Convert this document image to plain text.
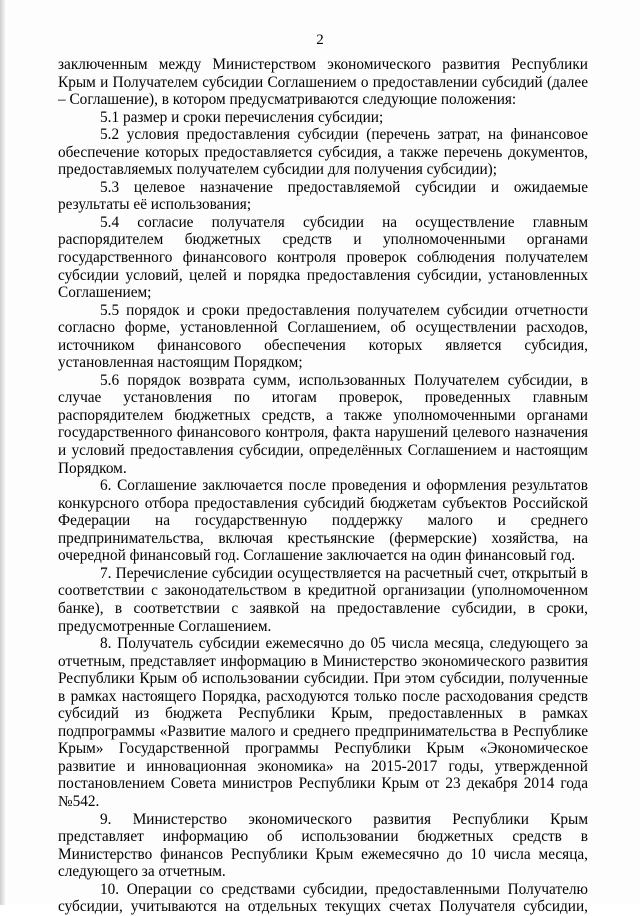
2

заключенным между Министерством экономического развития Республики Крым и Получателем субсидии Соглашением о предоставлении субсидий (далее – Соглашение), в котором предусматриваются следующие положения:

5.1 размер и сроки перечисления субсидии;

5.2 условия предоставления субсидии (перечень затрат, на финансовое обеспечение которых предоставляется субсидия, а также перечень документов, предоставляемых получателем субсидии для получения субсидии);

5.3 целевое назначение предоставляемой субсидии и ожидаемые результаты её использования;

5.4 согласие получателя субсидии на осуществление главным распорядителем бюджетных средств и уполномоченными органами государственного финансового контроля проверок соблюдения получателем субсидии условий, целей и порядка предоставления субсидии, установленных Соглашением;

5.5 порядок и сроки предоставления получателем субсидии отчетности согласно форме, установленной Соглашением, об осуществлении расходов, источником финансового обеспечения которых является субсидия, установленная настоящим Порядком;

5.6 порядок возврата сумм, использованных Получателем субсидии, в случае установления по итогам проверок, проведенных главным распорядителем бюджетных средств, а также уполномоченными органами государственного финансового контроля, факта нарушений целевого назначения и условий предоставления субсидии, определённых Соглашением и настоящим Порядком.

6. Соглашение заключается после проведения и оформления результатов конкурсного отбора предоставления субсидий бюджетам субъектов Российской Федерации на государственную поддержку малого и среднего предпринимательства, включая крестьянские (фермерские) хозяйства, на очередной финансовый год. Соглашение заключается на один финансовый год.

7. Перечисление субсидии осуществляется на расчетный счет, открытый в соответствии с законодательством в кредитной организации (уполномоченном банке), в соответствии с заявкой на предоставление субсидии, в сроки, предусмотренные Соглашением.

8. Получатель субсидии ежемесячно до 05 числа месяца, следующего за отчетным, представляет информацию в Министерство экономического развития Республики Крым об использовании субсидии. При этом субсидии, полученные в рамках настоящего Порядка, расходуются только после расходования средств субсидий из бюджета Республики Крым, предоставленных в рамках подпрограммы «Развитие малого и среднего предпринимательства в Республике Крым» Государственной программы Республики Крым «Экономическое развитие и инновационная экономика» на 2015-2017 годы, утвержденной постановлением Совета министров Республики Крым от 23 декабря 2014 года №542.

9. Министерство экономического развития Республики Крым представляет информацию об использовании бюджетных средств в Министерство финансов Республики Крым ежемесячно до 10 числа месяца, следующего за отчетным.

10. Операции со средствами субсидии, предоставленными Получателю субсидии, учитываются на отдельных текущих счетах Получателя субсидии,
